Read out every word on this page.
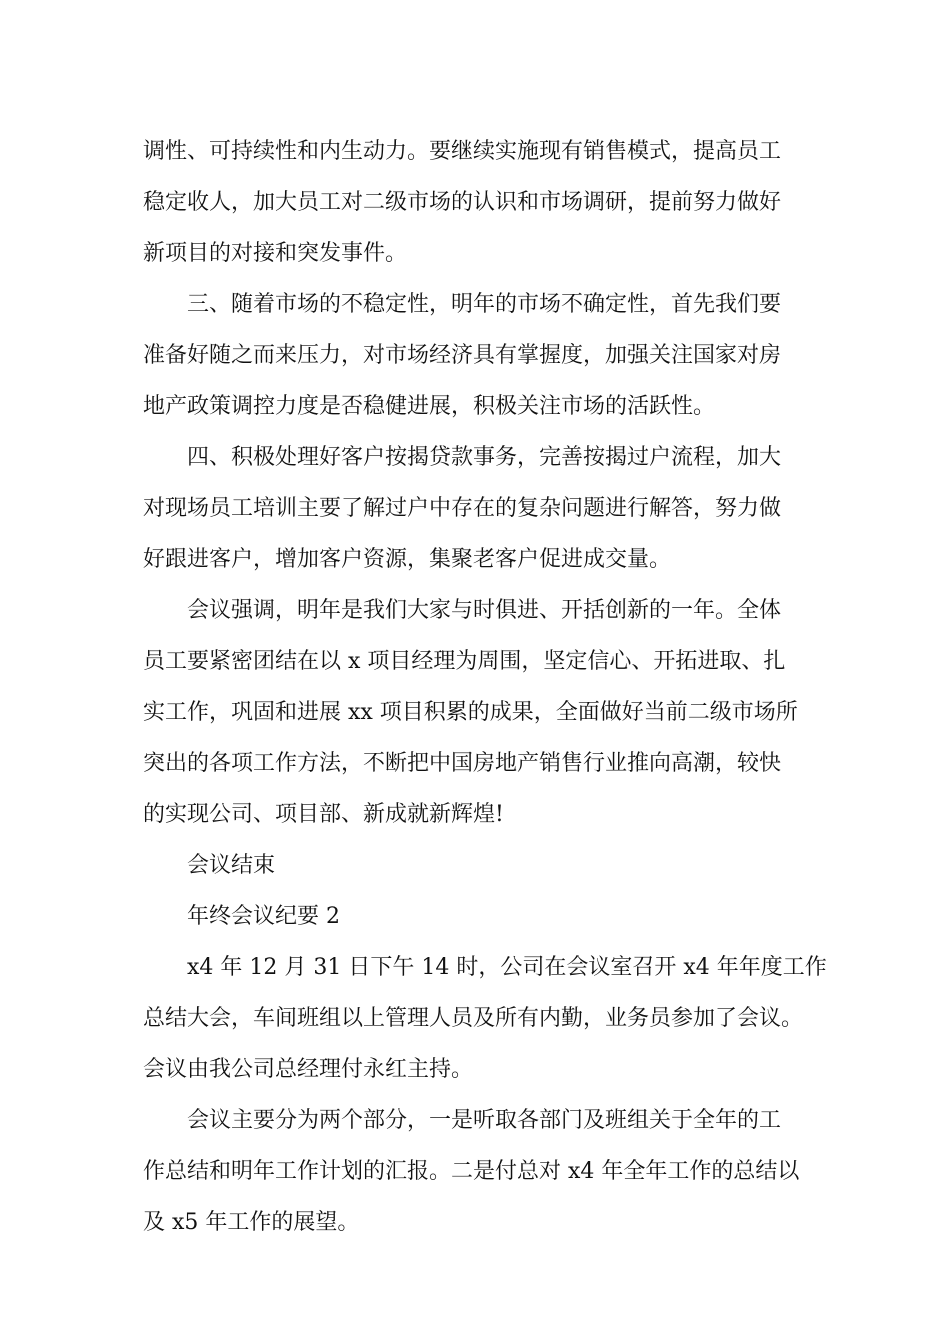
调性、可持续性和内生动力。要继续实施现有销售模式，提高员工
稳定收人，加大员工对二级市场的认识和市场调研，提前努力做好
新项目的对接和突发事件。
三、随着市场的不稳定性，明年的市场不确定性，首先我们要
准备好随之而来压力，对市场经济具有掌握度，加强关注国家对房
地产政策调控力度是否稳健进展，积极关注市场的活跃性。
四、积极处理好客户按揭贷款事务，完善按揭过户流程，加大
对现场员工培训主要了解过户中存在的复杂问题进行解答，努力做
好跟进客户，增加客户资源，集聚老客户促进成交量。
会议强调，明年是我们大家与时俱进、开括创新的一年。全体
员工要紧密团结在以 x 项目经理为周围，坚定信心、开拓进取、扎
实工作，巩固和进展 xx 项目积累的成果，全面做好当前二级市场所
突出的各项工作方法，不断把中国房地产销售行业推向高潮，较快
的实现公司、项目部、新成就新辉煌!
会议结束
年终会议纪要 2
x4 年 12 月 31 日下午 14 时，公司在会议室召开 x4 年年度工作
总结大会，车间班组以上管理人员及所有内勤，业务员参加了会议。
会议由我公司总经理付永红主持。
会议主要分为两个部分，一是听取各部门及班组关于全年的工
作总结和明年工作计划的汇报。二是付总对 x4 年全年工作的总结以
及 x5 年工作的展望。
